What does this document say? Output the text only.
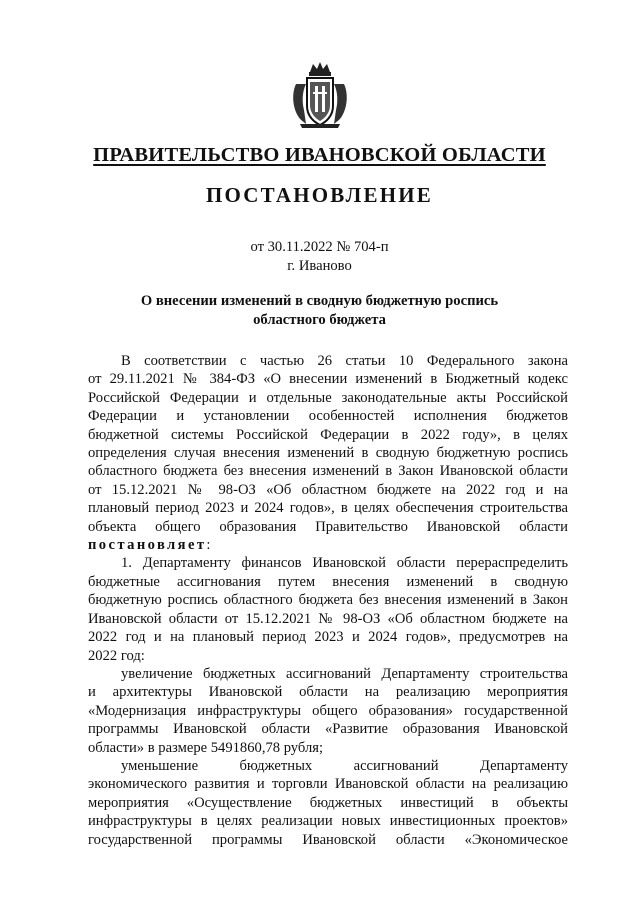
ПРАВИТЕЛЬСТВО ИВАНОВСКОЙ ОБЛАСТИ
ПОСТАНОВЛЕНИЕ
от 30.11.2022 № 704-п
г. Иваново
О внесении изменений в сводную бюджетную роспись
областного бюджета

В соответствии с частью 26 статьи 10 Федерального закона

от 29.11.2021 № 384-ФЗ «О внесении изменений в Бюджетный кодекс

Российской Федерации и отдельные законодательные акты Российской

Федерации и установлении особенностей исполнения бюджетов

бюджетной системы Российской Федерации в 2022 году», в целях

определения случая внесения изменений в сводную бюджетную роспись

областного бюджета без внесения изменений в Закон Ивановской области

от 15.12.2021 № 98-ОЗ «Об областном бюджете на 2022 год и на

плановый период 2023 и 2024 годов», в целях обеспечения строительства

объекта общего образования Правительство Ивановской области

постановляет:

1. Департаменту финансов Ивановской области перераспределить

бюджетные ассигнования путем внесения изменений в сводную

бюджетную роспись областного бюджета без внесения изменений в Закон

Ивановской области от 15.12.2021 № 98-ОЗ «Об областном бюджете на

2022 год и на плановый период 2023 и 2024 годов», предусмотрев на

2022 год:

увеличение бюджетных ассигнований Департаменту строительства

и архитектуры Ивановской области на реализацию мероприятия

«Модернизация инфраструктуры общего образования» государственной

программы Ивановской области «Развитие образования Ивановской

области» в размере 5491860,78 рубля;

уменьшение бюджетных ассигнований Департаменту

экономического развития и торговли Ивановской области на реализацию

мероприятия «Осуществление бюджетных инвестиций в объекты

инфраструктуры в целях реализации новых инвестиционных проектов»

государственной программы Ивановской области «Экономическое
